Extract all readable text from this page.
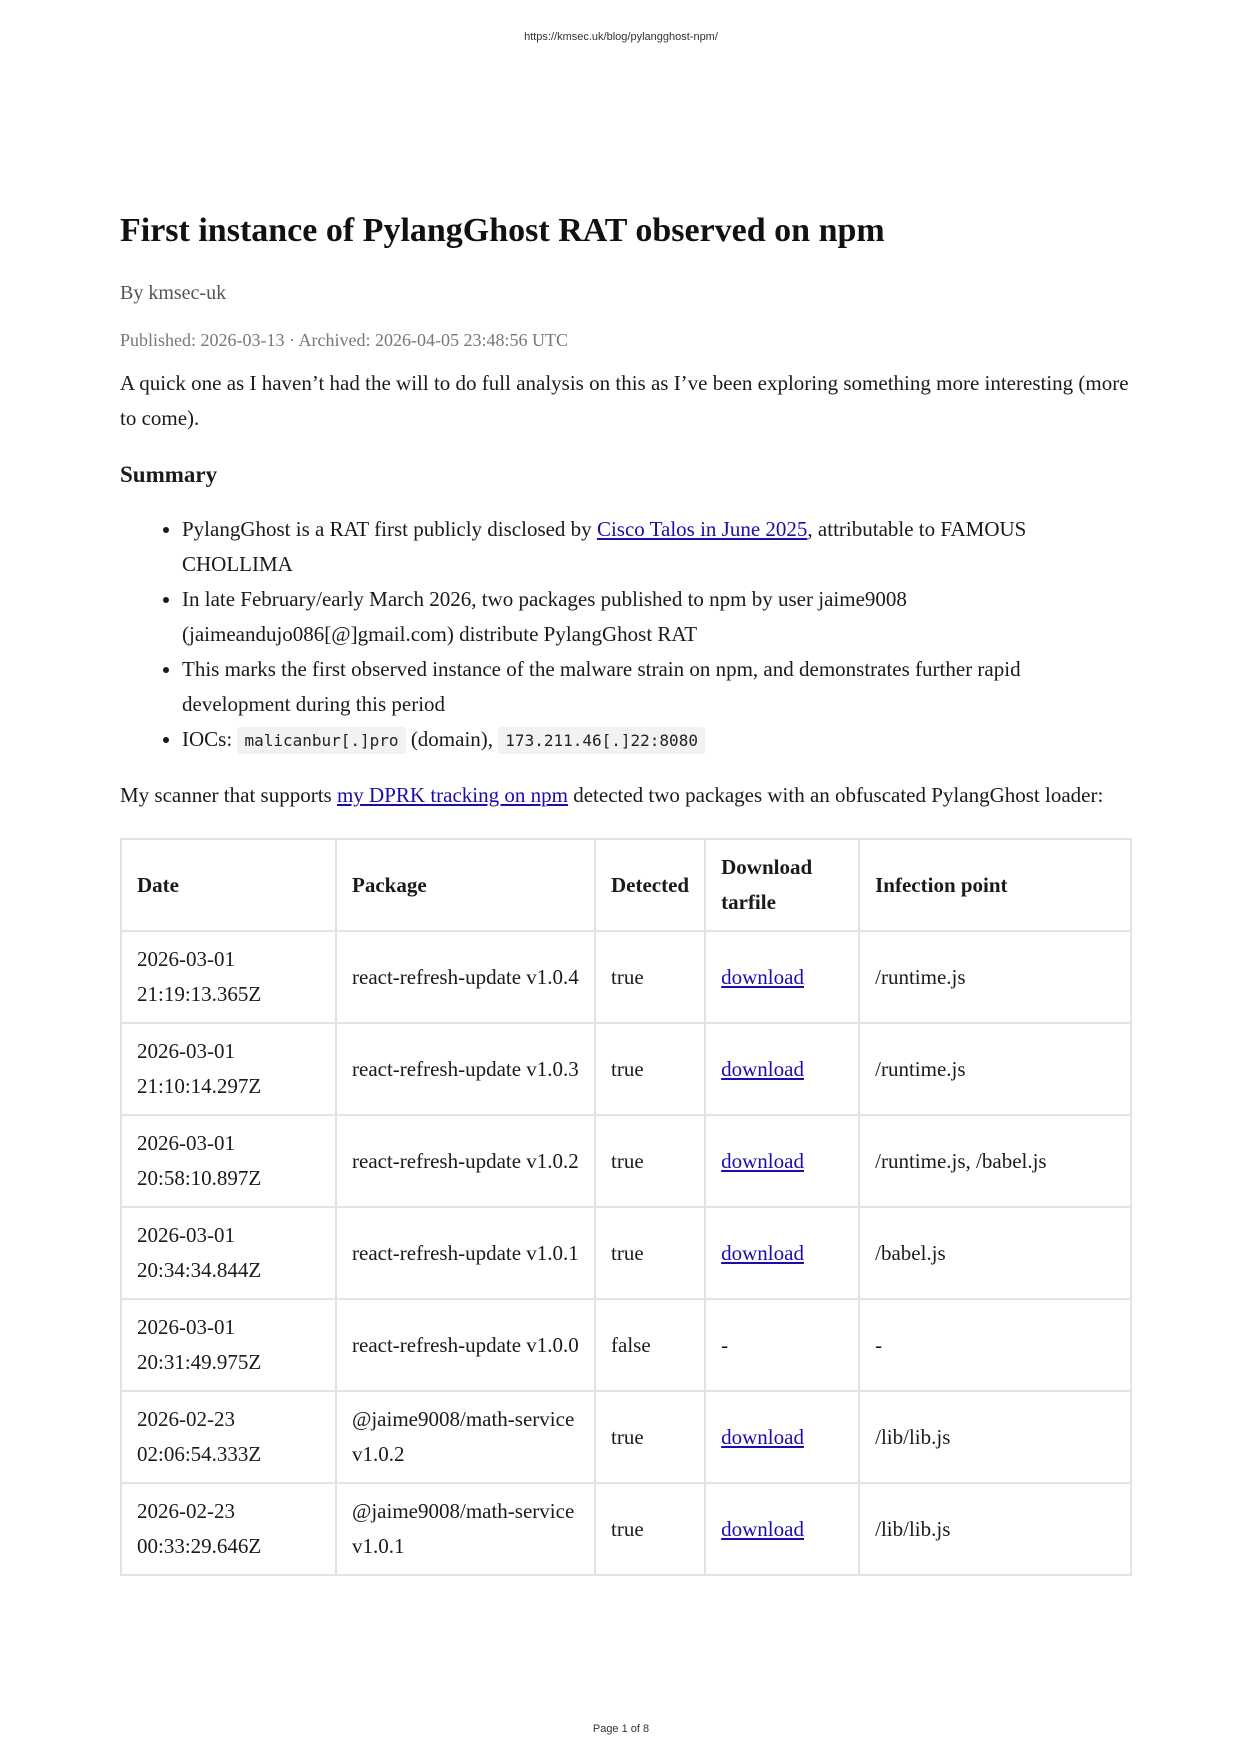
https://kmsec.uk/blog/pylangghost-npm/
First instance of PylangGhost RAT observed on npm
By kmsec-uk
Published: 2026-03-13 · Archived: 2026-04-05 23:48:56 UTC

A quick one as I haven’t had the will to do full analysis on this as I’ve been exploring something more interesting (more to come).

Summary
• PylangGhost is a RAT first publicly disclosed by Cisco Talos in June 2025, attributable to FAMOUS CHOLLIMA
• In late February/early March 2026, two packages published to npm by user jaime9008 (jaimeandujo086[@]gmail.com) distribute PylangGhost RAT
• This marks the first observed instance of the malware strain on npm, and demonstrates further rapid development during this period
• IOCs: malicanbur[.]pro (domain), 173.211.46[.]22:8080

My scanner that supports my DPRK tracking on npm detected two packages with an obfuscated PylangGhost loader:

Date	Package	Detected	Download tarfile	Infection point
2026-03-01
21:19:13.365Z	react-refresh-update v1.0.4	true	download	/runtime.js
2026-03-01
21:10:14.297Z	react-refresh-update v1.0.3	true	download	/runtime.js
2026-03-01
20:58:10.897Z	react-refresh-update v1.0.2	true	download	/runtime.js, /babel.js
2026-03-01
20:34:34.844Z	react-refresh-update v1.0.1	true	download	/babel.js
2026-03-01
20:31:49.975Z	react-refresh-update v1.0.0	false	-	-
2026-02-23
02:06:54.333Z	@jaime9008/math-service v1.0.2	true	download	/lib/lib.js
2026-02-23
00:33:29.646Z	@jaime9008/math-service v1.0.1	true	download	/lib/lib.js
Page 1 of 8
